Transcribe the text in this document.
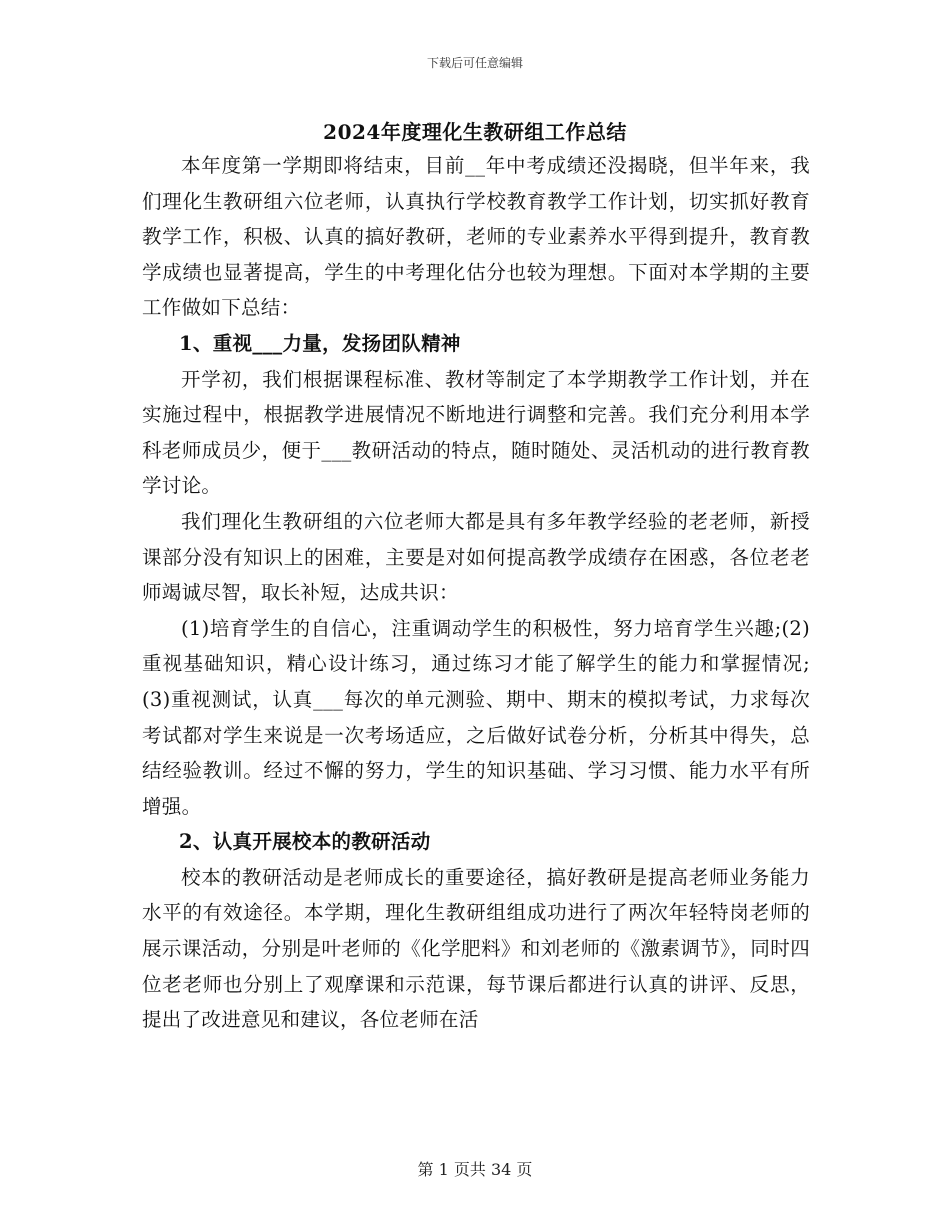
下载后可任意编辑
2024年度理化生教研组工作总结

本年度第一学期即将结束，目前__年中考成绩还没揭晓，但半年来，我们理化生教研组六位老师，认真执行学校教育教学工作计划，切实抓好教育教学工作，积极、认真的搞好教研，老师的专业素养水平得到提升，教育教学成绩也显著提高，学生的中考理化估分也较为理想。下面对本学期的主要工作做如下总结：

1、重视___力量，发扬团队精神

开学初，我们根据课程标准、教材等制定了本学期教学工作计划，并在实施过程中，根据教学进展情况不断地进行调整和完善。我们充分利用本学科老师成员少，便于___教研活动的特点，随时随处、灵活机动的进行教育教学讨论。

我们理化生教研组的六位老师大都是具有多年教学经验的老老师，新授课部分没有知识上的困难，主要是对如何提高教学成绩存在困惑，各位老老师竭诚尽智，取长补短，达成共识：

(1)培育学生的自信心，注重调动学生的积极性，努力培育学生兴趣;(2)重视基础知识，精心设计练习，通过练习才能了解学生的能力和掌握情况;(3)重视测试，认真___每次的单元测验、期中、期末的模拟考试，力求每次考试都对学生来说是一次考场适应，之后做好试卷分析，分析其中得失，总结经验教训。经过不懈的努力，学生的知识基础、学习习惯、能力水平有所增强。

2、认真开展校本的教研活动

校本的教研活动是老师成长的重要途径，搞好教研是提高老师业务能力水平的有效途径。本学期，理化生教研组组成功进行了两次年轻特岗老师的展示课活动，分别是叶老师的《化学肥料》和刘老师的《激素调节》，同时四位老老师也分别上了观摩课和示范课，每节课后都进行认真的讲评、反思，提出了改进意见和建议，各位老师在活

第 1 页共 34 页
